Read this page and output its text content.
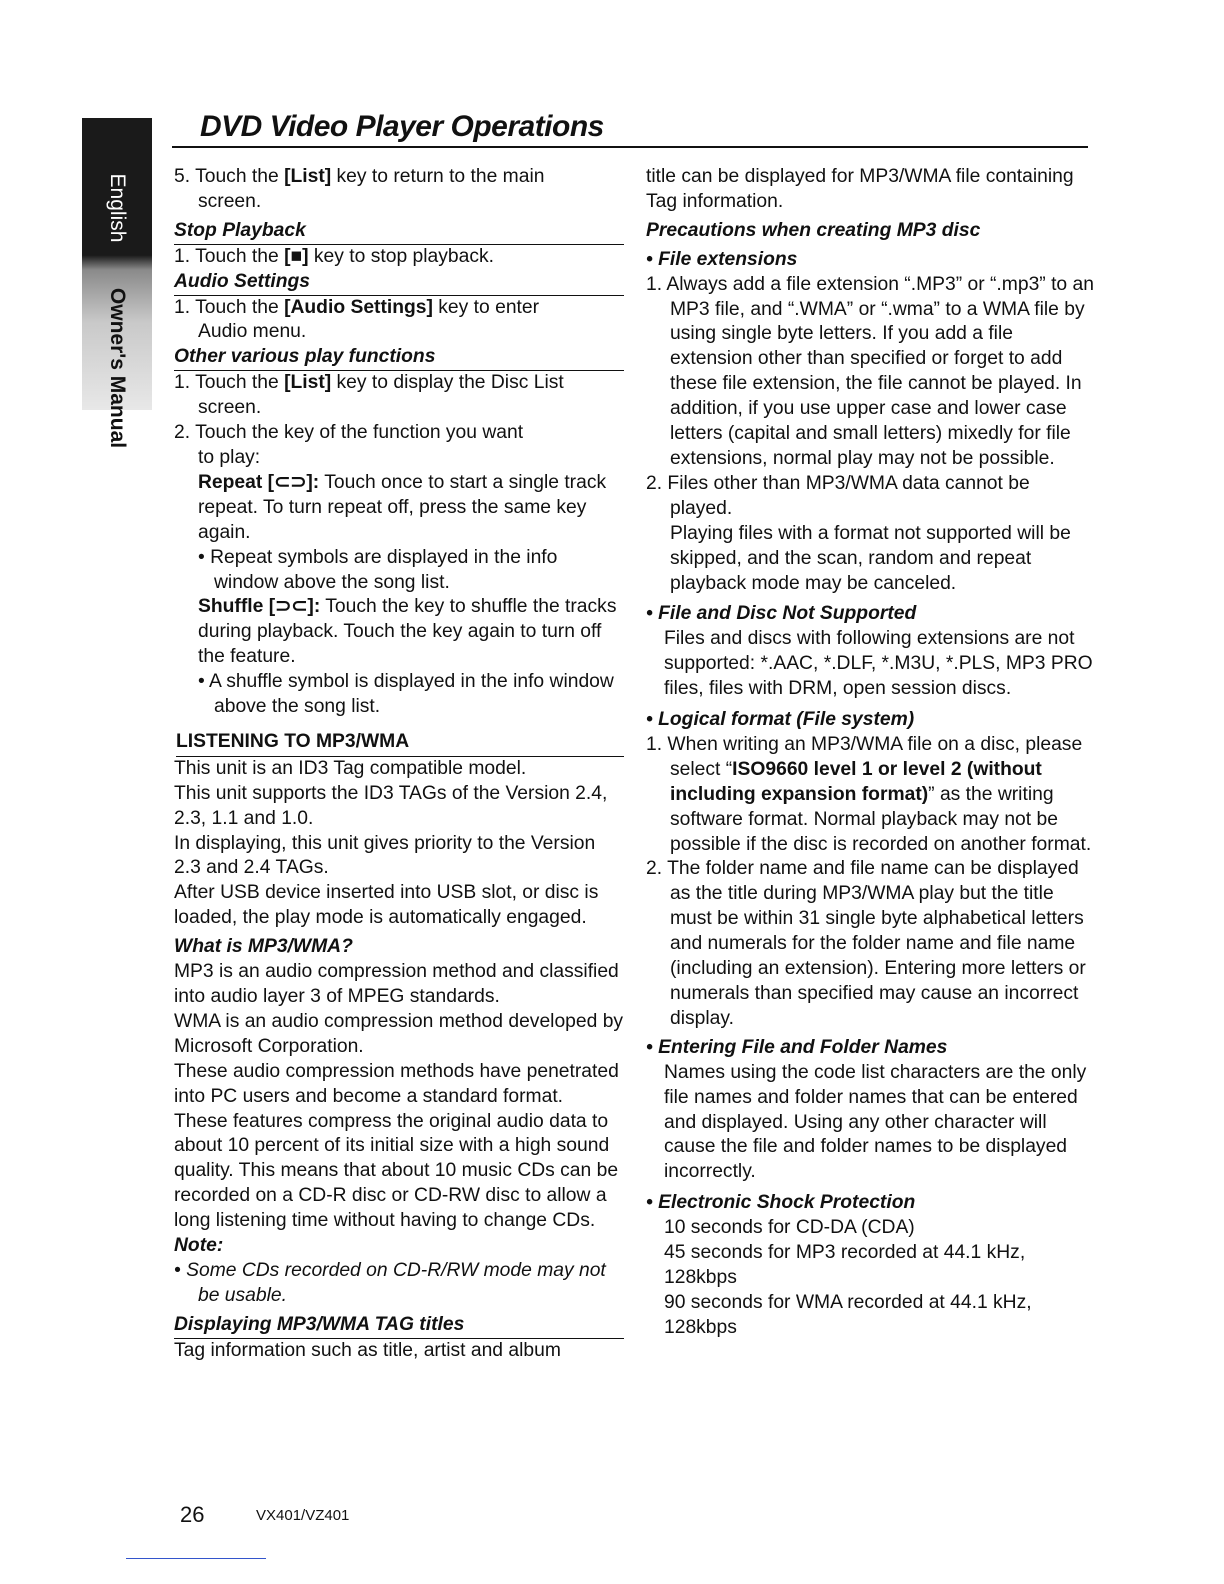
English
Owner's Manual
DVD Video Player Operations

5. Touch the [List] key to return to the main

screen.

Stop Playback

1. Touch the [■] key to stop playback.

Audio Settings

1. Touch the [Audio Settings] key to enter

Audio menu.

Other various play functions

1. Touch the [List] key to display the Disc List

screen.

2. Touch the key of the function you want

to play:

Repeat [⊂⊃]: Touch once to start a single track repeat. To turn repeat off, press the same key again.

• Repeat symbols are displayed in the info window above the song list.

Shuffle [⊃⊂]: Touch the key to shuffle the tracks during playback. Touch the key again to turn off the feature.

• A shuffle symbol is displayed in the info window above the song list.

LISTENING TO MP3/WMA

This unit is an ID3 Tag compatible model.

This unit supports the ID3 TAGs of the Version 2.4, 2.3, 1.1 and 1.0.

In displaying, this unit gives priority to the Version 2.3 and 2.4 TAGs.

After USB device inserted into USB slot, or disc is loaded, the play mode is automatically engaged.

What is MP3/WMA?

MP3 is an audio compression method and classified into audio layer 3 of MPEG standards.

WMA is an audio compression method developed by Microsoft Corporation.

These audio compression methods have penetrated into PC users and become a standard format.

These features compress the original audio data to about 10 percent of its initial size with a high sound quality. This means that about 10 music CDs can be recorded on a CD-R disc or CD-RW disc to allow a long listening time without having to change CDs.

Note:

• Some CDs recorded on CD-R/RW mode may not be usable.

Displaying MP3/WMA TAG titles

Tag information such as title, artist and album

title can be displayed for MP3/WMA file containing Tag information.

Precautions when creating MP3 disc

• File extensions

1. Always add a file extension “.MP3” or “.mp3” to an MP3 file, and “.WMA” or “.wma” to a WMA file by using single byte letters. If you add a file extension other than specified or forget to add these file extension, the file cannot be played. In addition, if you use upper case and lower case letters (capital and small letters) mixedly for file extensions, normal play may not be possible.

2. Files other than MP3/WMA data cannot be played.

Playing files with a format not supported will be skipped, and the scan, random and repeat playback mode may be canceled.

• File and Disc Not Supported

Files and discs with following extensions are not supported: *.AAC, *.DLF, *.M3U, *.PLS, MP3 PRO files, files with DRM, open session discs.

• Logical format (File system)

1. When writing an MP3/WMA file on a disc, please select “ISO9660 level 1 or level 2 (without including expansion format)” as the writing software format. Normal playback may not be possible if the disc is recorded on another format.

2. The folder name and file name can be displayed as the title during MP3/WMA play but the title must be within 31 single byte alphabetical letters and numerals for the folder name and file name (including an extension). Entering more letters or numerals than specified may cause an incorrect display.

• Entering File and Folder Names

Names using the code list characters are the only file names and folder names that can be entered and displayed. Using any other character will cause the file and folder names to be displayed incorrectly.

• Electronic Shock Protection

10 seconds for CD-DA (CDA)

45 seconds for MP3 recorded at 44.1 kHz, 128kbps

90 seconds for WMA recorded at 44.1 kHz, 128kbps

26	VX401/VZ401
